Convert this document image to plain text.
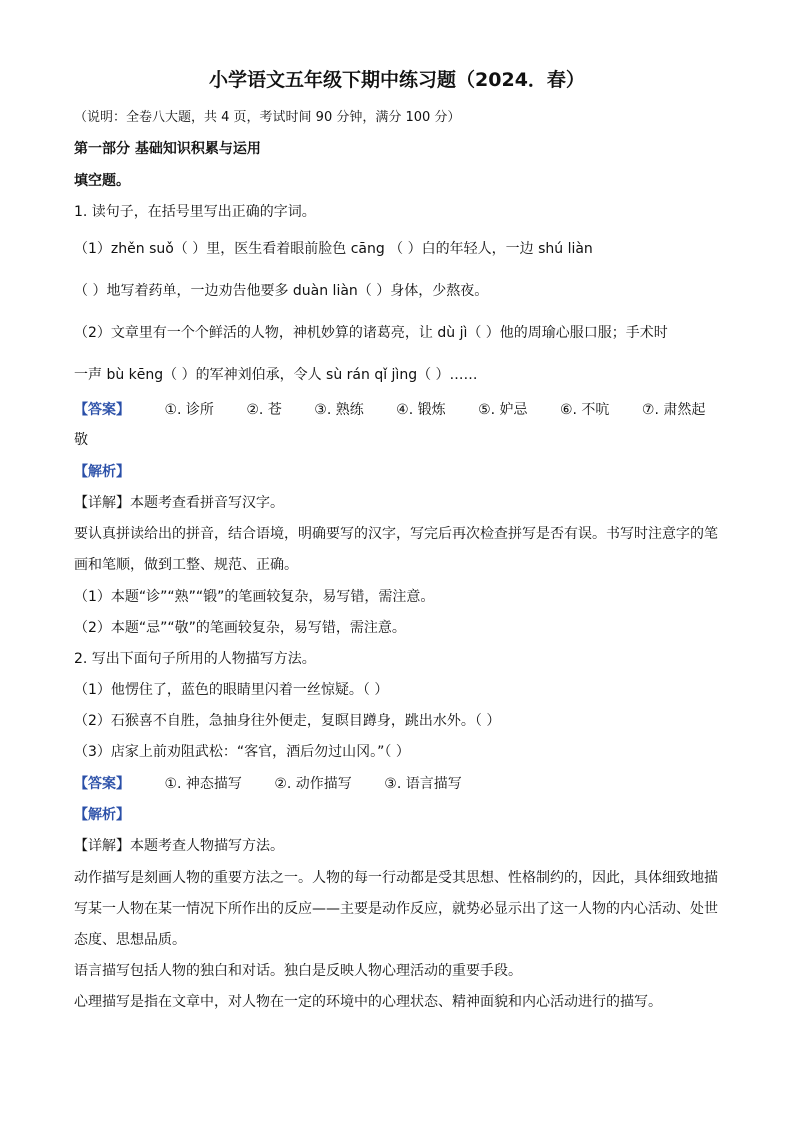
小学语文五年级下期中练习题（2024．春）
（说明：全卷八大题，共 4 页，考试时间 90 分钟，满分 100 分）
第一部分 基础知识积累与运用
填空题。
1. 读句子，在括号里写出正确的字词。
（1）zhěn suǒ（ ）里，医生看着眼前脸色 cāng （ ）白的年轻人，一边 shú liàn
（ ）地写着药单，一边劝告他要多 duàn liàn（ ）身体，少熬夜。
（2）文章里有一个个鲜活的人物，神机妙算的诸葛亮，让 dù jì（ ）他的周瑜心服口服；手术时
一声 bù kēng（ ）的军神刘伯承，令人 sù rán qǐ jìng（ ）……
【答案】 ①. 诊所 ②. 苍 ③. 熟练 ④. 锻炼 ⑤. 妒忌 ⑥. 不吭 ⑦. 肃然起
敬
【解析】
【详解】本题考查看拼音写汉字。
要认真拼读给出的拼音，结合语境，明确要写的汉字，写完后再次检查拼写是否有误。书写时注意字的笔
画和笔顺，做到工整、规范、正确。
（1）本题“诊”“熟”“锻”的笔画较复杂，易写错，需注意。
（2）本题“忌”“敬”的笔画较复杂，易写错，需注意。
2. 写出下面句子所用的人物描写方法。
（1）他愣住了，蓝色的眼睛里闪着一丝惊疑。（ ）
（2）石猴喜不自胜，急抽身往外便走，复瞑目蹲身，跳出水外。（ ）
（3）店家上前劝阻武松：“客官，酒后勿过山冈。”（ ）
【答案】 ①. 神态描写 ②. 动作描写 ③. 语言描写
【解析】
【详解】本题考查人物描写方法。
动作描写是刻画人物的重要方法之一。人物的每一行动都是受其思想、性格制约的，因此，具体细致地描
写某一人物在某一情况下所作出的反应——主要是动作反应，就势必显示出了这一人物的内心活动、处世
态度、思想品质。
语言描写包括人物的独白和对话。独白是反映人物心理活动的重要手段。
心理描写是指在文章中，对人物在一定的环境中的心理状态、精神面貌和内心活动进行的描写。
